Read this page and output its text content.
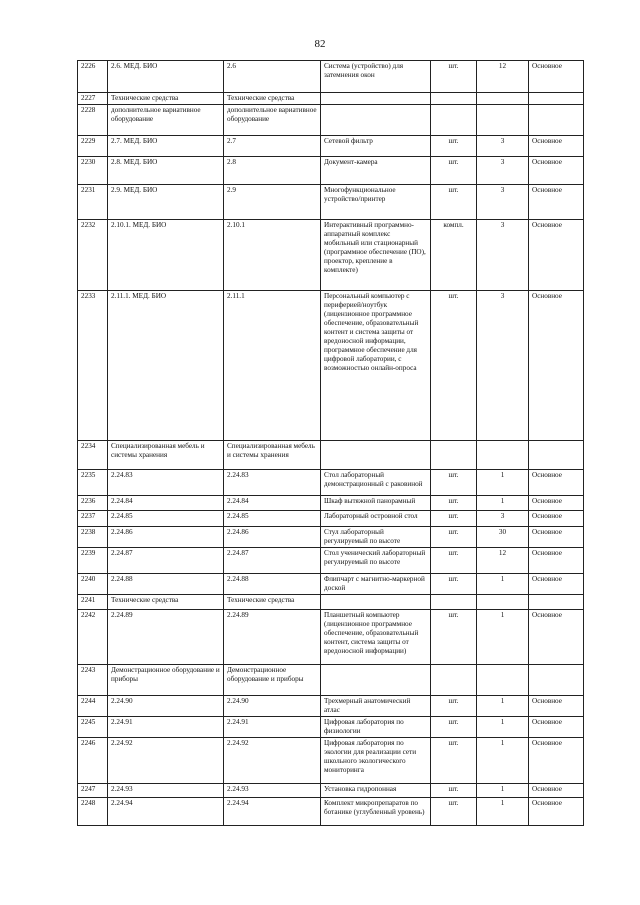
82
2226	2.6. МЕД. БИО	2.6	Система (устройство) для затемнения окон	шт.	12	Основное
2227	Технические средства	Технические средства				
2228	дополнительное вариативное оборудование	дополнительное вариативное оборудование				
2229	2.7. МЕД. БИО	2.7	Сетевой фильтр	шт.	3	Основное
2230	2.8. МЕД. БИО	2.8	Документ-камера	шт.	3	Основное
2231	2.9. МЕД. БИО	2.9	Многофункциональное устройство/принтер	шт.	3	Основное
2232	2.10.1. МЕД. БИО	2.10.1	Интерактивный программно-аппаратный комплекс мобильный или стационарный (программное обеспечение (ПО), проектор, крепление в комплекте)	компл.	3	Основное
2233	2.11.1. МЕД. БИО	2.11.1	Персональный компьютер с периферией/ноутбук (лицензионное программное обеспечение, образовательный контент и система защиты от вредоносной информации, программное обеспечение для цифровой лаборатории, с возможностью онлайн-опроса	шт.	3	Основное
2234	Специализированная мебель и системы хранения	Специализированная мебель и системы хранения				
2235	2.24.83	2.24.83	Стол лабораторный демонстрационный с раковиной	шт.	1	Основное
2236	2.24.84	2.24.84	Шкаф вытяжной панорамный	шт.	1	Основное
2237	2.24.85	2.24.85	Лабораторный островной стол	шт.	3	Основное
2238	2.24.86	2.24.86	Стул лабораторный регулируемый по высоте	шт.	30	Основное
2239	2.24.87	2.24.87	Стол ученический лабораторный регулируемый по высоте	шт.	12	Основное
2240	2.24.88	2.24.88	Флипчарт с магнитно-маркерной доской	шт.	1	Основное
2241	Технические средства	Технические средства				
2242	2.24.89	2.24.89	Планшетный компьютер (лицензионное программное обеспечение, образовательный контент, система защиты от вредоносной информации)	шт.	1	Основное
2243	Демонстрационное оборудование и приборы	Демонстрационное оборудование и приборы				
2244	2.24.90	2.24.90	Трехмерный анатомический атлас	шт.	1	Основное
2245	2.24.91	2.24.91	Цифровая лаборатория по физиологии	шт.	1	Основное
2246	2.24.92	2.24.92	Цифровая лаборатория по экологии для реализации сети школьного экологического мониторинга	шт.	1	Основное
2247	2.24.93	2.24.93	Установка гидропонная	шт.	1	Основное
2248	2.24.94	2.24.94	Комплект микропрепаратов по ботанике (углубленный уровень)	шт.	1	Основное
